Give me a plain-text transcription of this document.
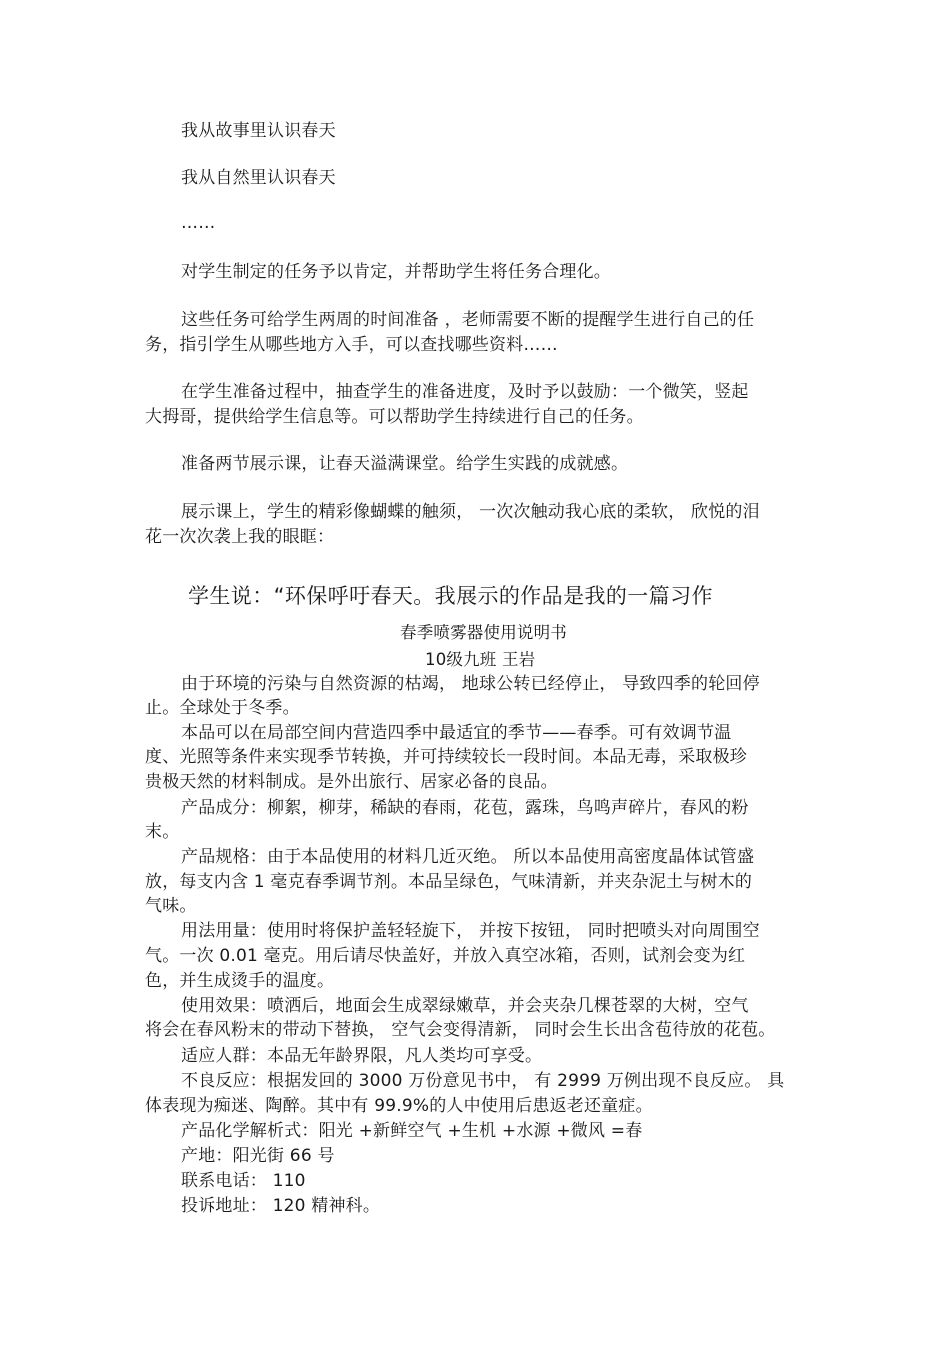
我从故事里认识春天
我从自然里认识春天
……
对学生制定的任务予以肯定，并帮助学生将任务合理化。
这些任务可给学生两周的时间准备 ，老师需要不断的提醒学生进行自己的任
务，指引学生从哪些地方入手，可以查找哪些资料……
在学生准备过程中，抽查学生的准备进度，及时予以鼓励：一个微笑，竖起
大拇哥，提供给学生信息等。可以帮助学生持续进行自己的任务。
准备两节展示课，让春天溢满课堂。给学生实践的成就感。
展示课上，学生的精彩像蝴蝶的触须， 一次次触动我心底的柔软， 欣悦的泪
花一次次袭上我的眼眶：
学生说：“环保呼吁春天。我展示的作品是我的一篇习作
春季喷雾器使用说明书
10级九班 王岩
由于环境的污染与自然资源的枯竭， 地球公转已经停止， 导致四季的轮回停
止。全球处于冬季。
本品可以在局部空间内营造四季中最适宜的季节——春季。可有效调节温
度、光照等条件来实现季节转换，并可持续较长一段时间。本品无毒，采取极珍
贵极天然的材料制成。是外出旅行、居家必备的良品。
产品成分：柳絮，柳芽，稀缺的春雨，花苞，露珠，鸟鸣声碎片，春风的粉
末。
产品规格：由于本品使用的材料几近灭绝。 所以本品使用高密度晶体试管盛
放，每支内含 1 毫克春季调节剂。本品呈绿色，气味清新，并夹杂泥土与树木的
气味。
用法用量：使用时将保护盖轻轻旋下， 并按下按钮， 同时把喷头对向周围空
气。一次 0.01 毫克。用后请尽快盖好，并放入真空冰箱，否则，试剂会变为红
色，并生成烫手的温度。
使用效果：喷洒后，地面会生成翠绿嫩草，并会夹杂几棵苍翠的大树，空气
将会在春风粉末的带动下替换， 空气会变得清新， 同时会生长出含苞待放的花苞。
适应人群：本品无年龄界限，凡人类均可享受。
不良反应：根据发回的 3000 万份意见书中， 有 2999 万例出现不良反应。 具
体表现为痴迷、陶醉。其中有 99.9%的人中使用后患返老还童症。
产品化学解析式：阳光 +新鲜空气 +生机 +水源 +微风 =春
产地：阳光街 66 号
联系电话： 110
投诉地址： 120 精神科。
